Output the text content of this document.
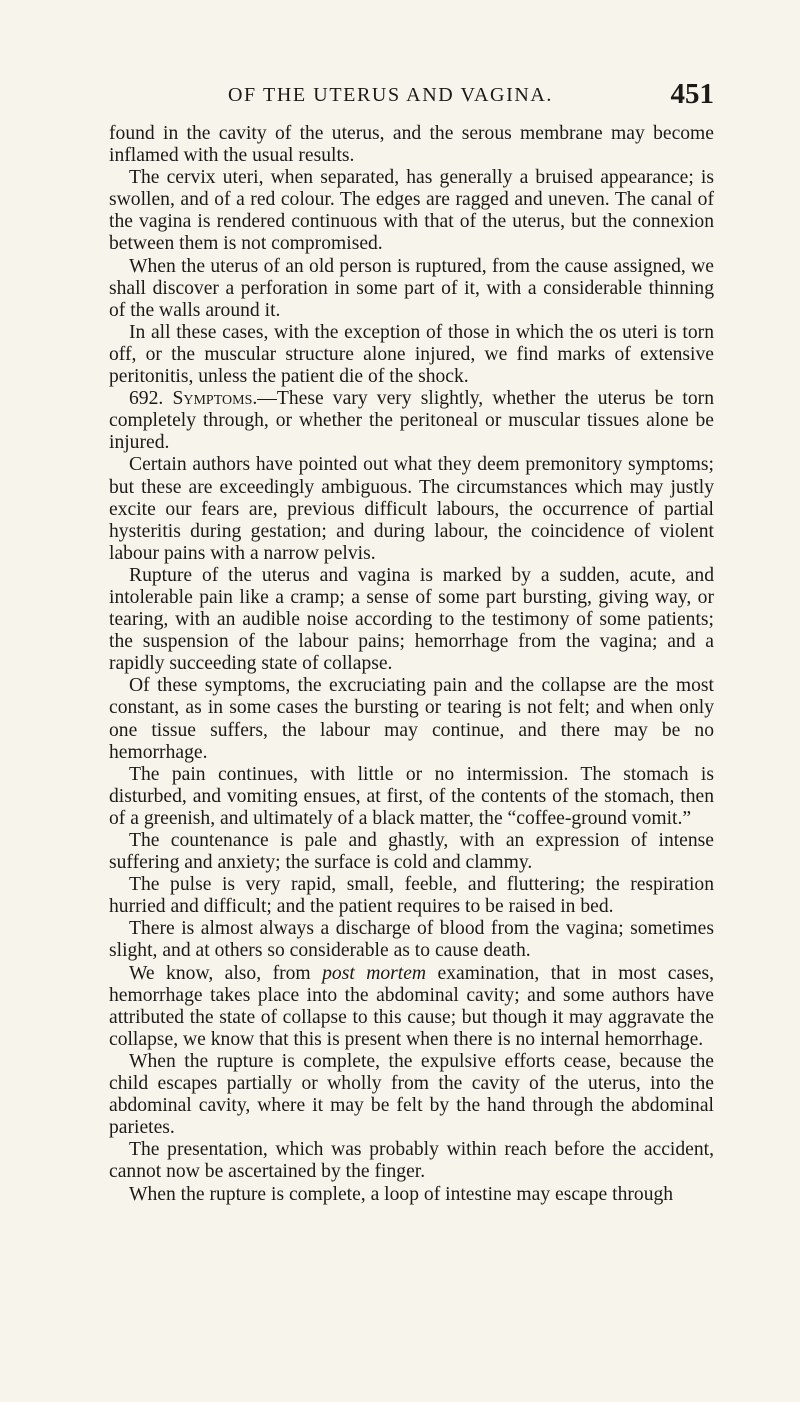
OF THE UTERUS AND VAGINA.	451

found in the cavity of the uterus, and the serous membrane may become inflamed with the usual results.

The cervix uteri, when separated, has generally a bruised appearance; is swollen, and of a red colour. The edges are ragged and uneven. The canal of the vagina is rendered continuous with that of the uterus, but the connexion between them is not compromised.

When the uterus of an old person is ruptured, from the cause assigned, we shall discover a perforation in some part of it, with a considerable thinning of the walls around it.

In all these cases, with the exception of those in which the os uteri is torn off, or the muscular structure alone injured, we find marks of extensive peritonitis, unless the patient die of the shock.

692. Symptoms.—These vary very slightly, whether the uterus be torn completely through, or whether the peritoneal or muscular tissues alone be injured.

Certain authors have pointed out what they deem premonitory symptoms; but these are exceedingly ambiguous. The circumstances which may justly excite our fears are, previous difficult labours, the occurrence of partial hysteritis during gestation; and during labour, the coincidence of violent labour pains with a narrow pelvis.

Rupture of the uterus and vagina is marked by a sudden, acute, and intolerable pain like a cramp; a sense of some part bursting, giving way, or tearing, with an audible noise according to the testimony of some patients; the suspension of the labour pains; hemorrhage from the vagina; and a rapidly succeeding state of collapse.

Of these symptoms, the excruciating pain and the collapse are the most constant, as in some cases the bursting or tearing is not felt; and when only one tissue suffers, the labour may continue, and there may be no hemorrhage.

The pain continues, with little or no intermission. The stomach is disturbed, and vomiting ensues, at first, of the contents of the stomach, then of a greenish, and ultimately of a black matter, the “coffee-ground vomit.”

The countenance is pale and ghastly, with an expression of intense suffering and anxiety; the surface is cold and clammy.

The pulse is very rapid, small, feeble, and fluttering; the respiration hurried and difficult; and the patient requires to be raised in bed.

There is almost always a discharge of blood from the vagina; sometimes slight, and at others so considerable as to cause death.

We know, also, from post mortem examination, that in most cases, hemorrhage takes place into the abdominal cavity; and some authors have attributed the state of collapse to this cause; but though it may aggravate the collapse, we know that this is present when there is no internal hemorrhage.

When the rupture is complete, the expulsive efforts cease, because the child escapes partially or wholly from the cavity of the uterus, into the abdominal cavity, where it may be felt by the hand through the abdominal parietes.

The presentation, which was probably within reach before the accident, cannot now be ascertained by the finger.

When the rupture is complete, a loop of intestine may escape through
